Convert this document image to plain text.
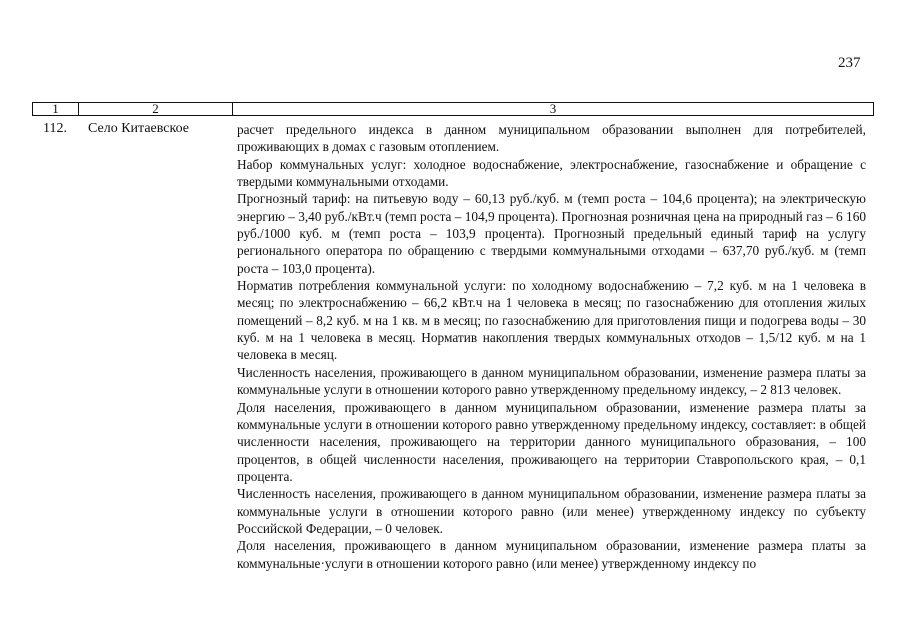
237
1	2	3
112.	Село Китаевское	расчет предельного индекса в данном муниципальном образовании выполнен для потребителей, проживающих в домах с газовым отоплением.

Набор коммунальных услуг: холодное водоснабжение, электроснабжение, газоснабжение и обращение с твердыми коммунальными отходами.

Прогнозный тариф: на питьевую воду – 60,13 руб./куб. м (темп роста – 104,6 процента); на электрическую энергию – 3,40 руб./кВт.ч (темп роста – 104,9 процента). Прогнозная розничная цена на природный газ – 6 160 руб./1000 куб. м (темп роста – 103,9 процента). Прогнозный предельный единый тариф на услугу регионального оператора по обращению с твердыми коммунальными отходами – 637,70 руб./куб. м (темп роста – 103,0 процента).

Норматив потребления коммунальной услуги: по холодному водоснабжению – 7,2 куб. м на 1 человека в месяц; по электроснабжению – 66,2 кВт.ч на 1 человека в месяц; по газоснабжению для отопления жилых помещений – 8,2 куб. м на 1 кв. м в месяц; по газоснабжению для приготовления пищи и подогрева воды – 30 куб. м на 1 человека в месяц. Норматив накопления твердых коммунальных отходов – 1,5/12 куб. м на 1 человека в месяц.

Численность населения, проживающего в данном муниципальном образовании, изменение размера платы за коммунальные услуги в отношении которого равно утвержденному предельному индексу, – 2 813 человек.

Доля населения, проживающего в данном муниципальном образовании, изменение размера платы за коммунальные услуги в отношении которого равно утвержденному предельному индексу, составляет: в общей численности населения, проживающего на территории данного муниципального образования, – 100 процентов, в общей численности населения, проживающего на территории Ставропольского края, – 0,1 процента.

Численность населения, проживающего в данном муниципальном образовании, изменение размера платы за коммунальные услуги в отношении которого равно (или менее) утвержденному индексу по субъекту Российской Федерации, – 0 человек.

Доля населения, проживающего в данном муниципальном образовании, изменение размера платы за коммунальные·услуги в отношении которого равно (или менее) утвержденному индексу по
